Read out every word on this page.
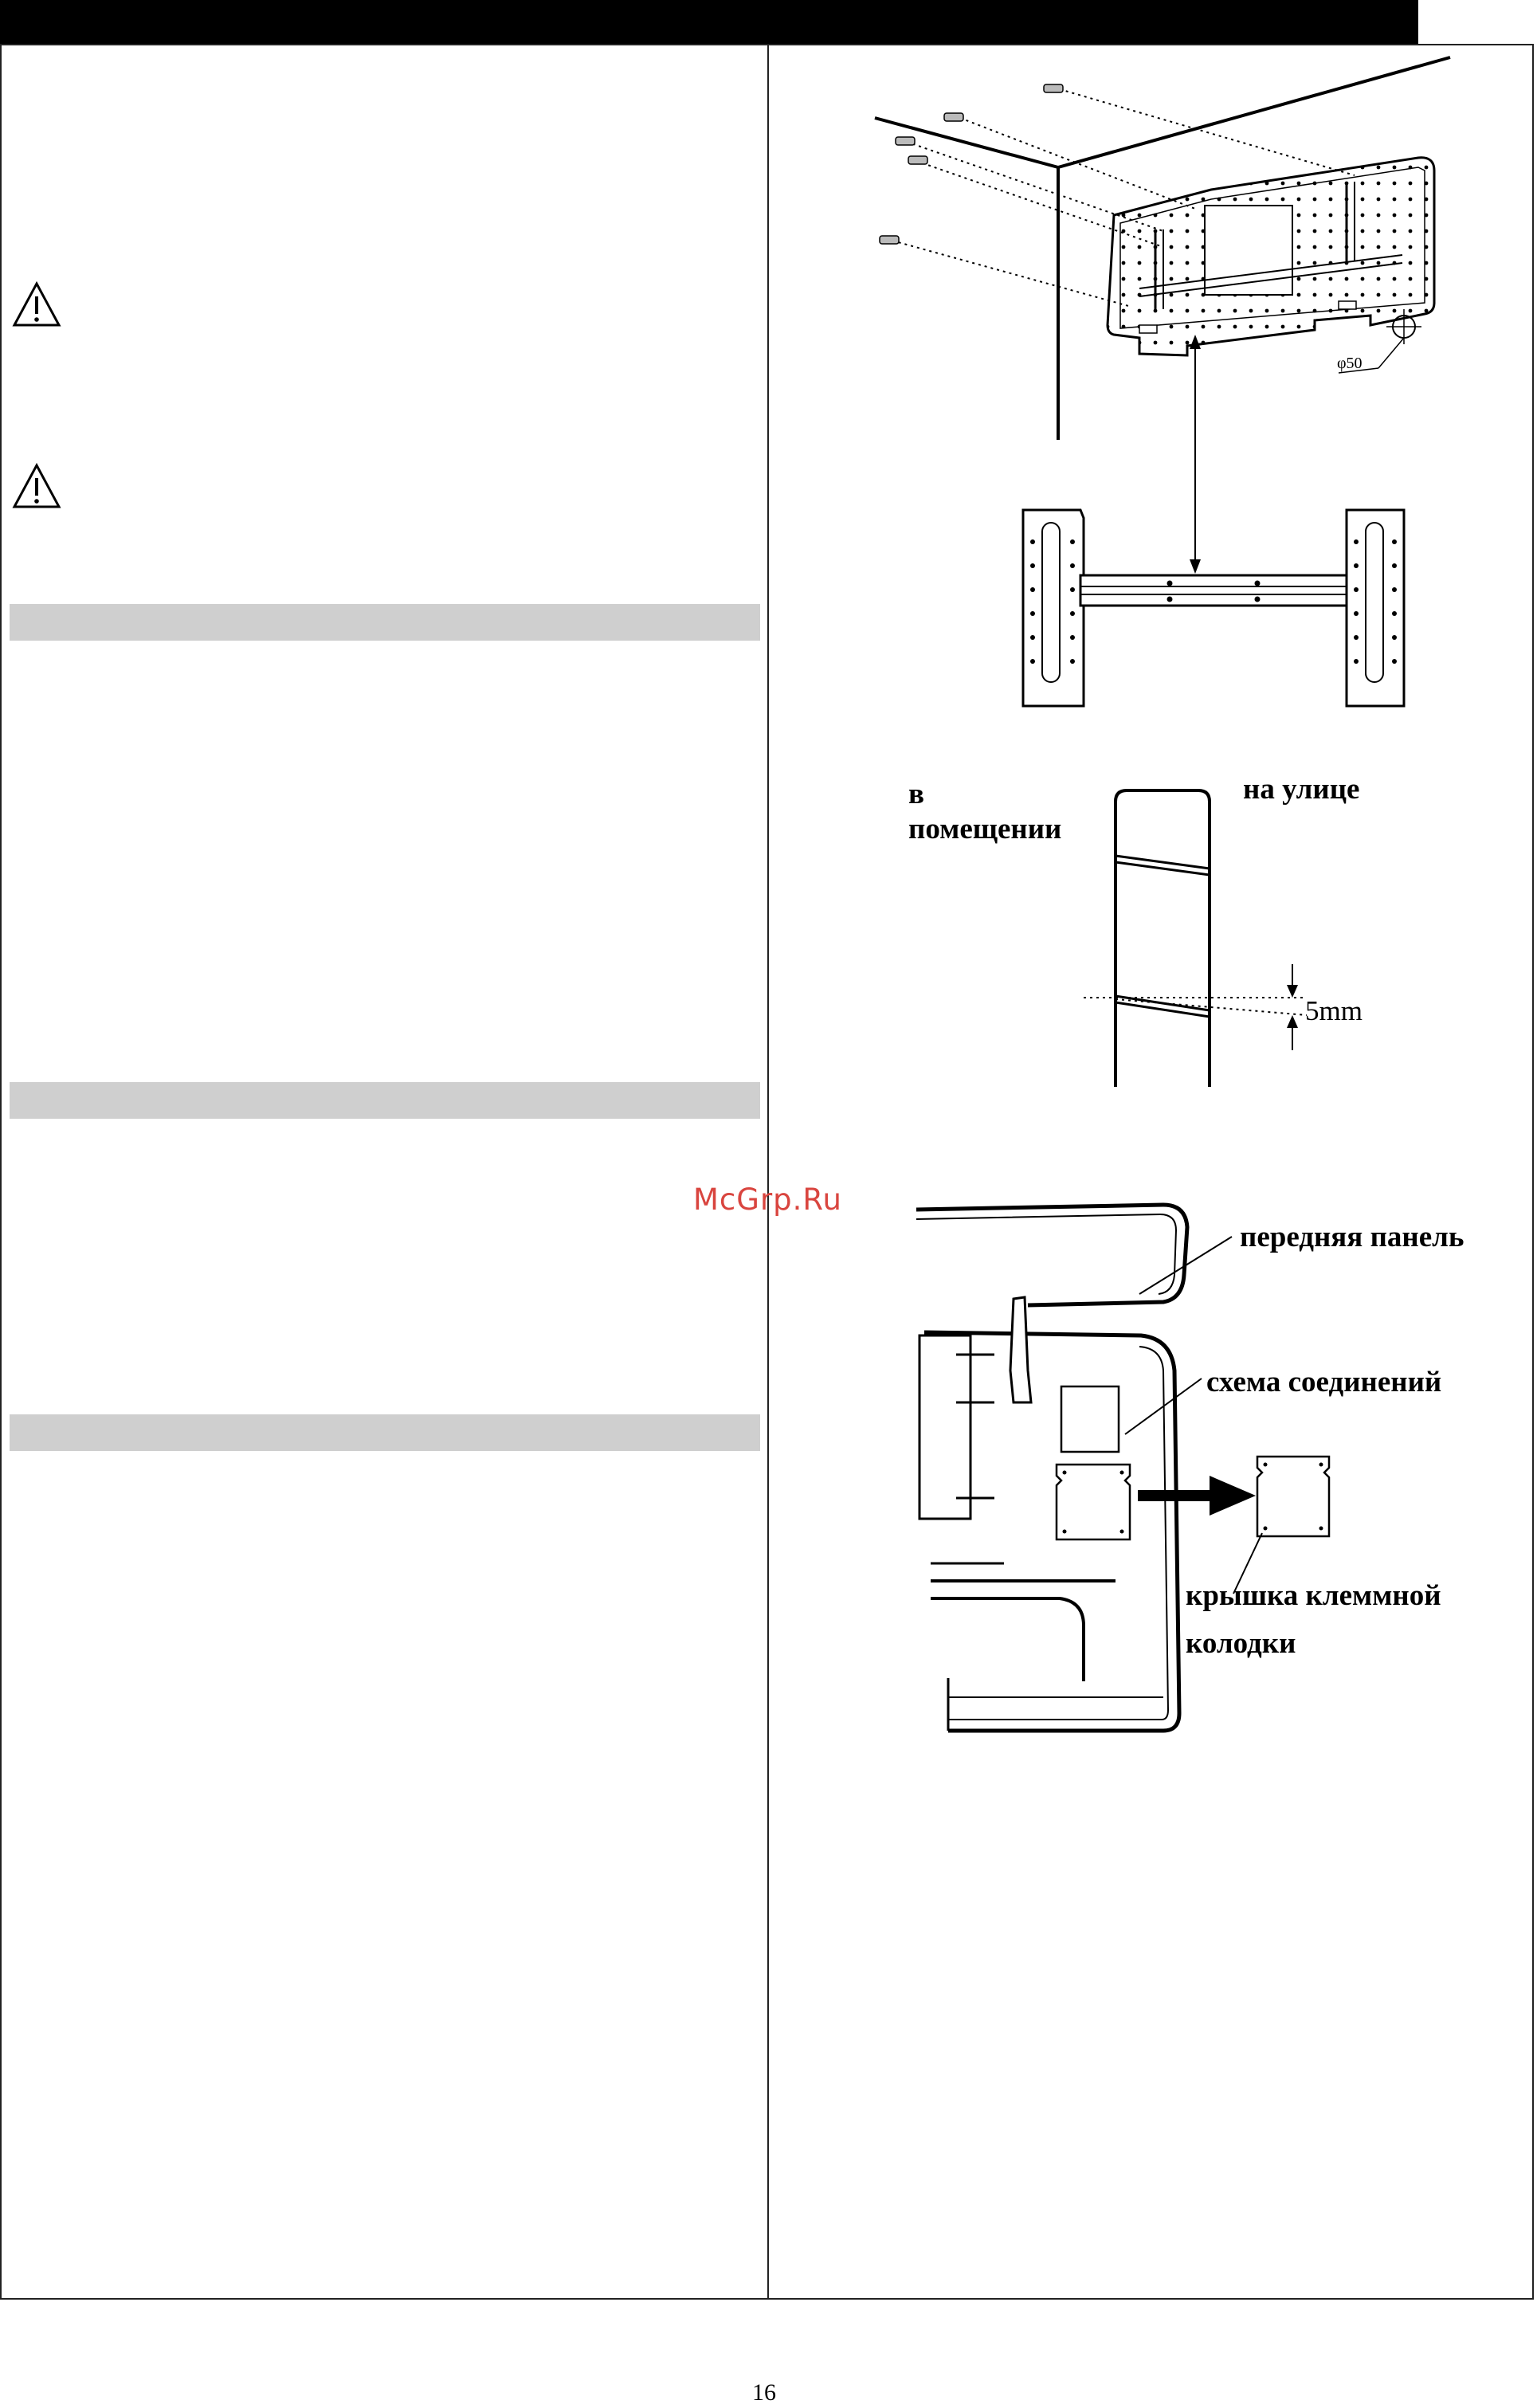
φ50
5mm
в
помещении
на улице
передняя панель
схема соединений
крышка клеммной
колодки
McGrp.Ru
16
